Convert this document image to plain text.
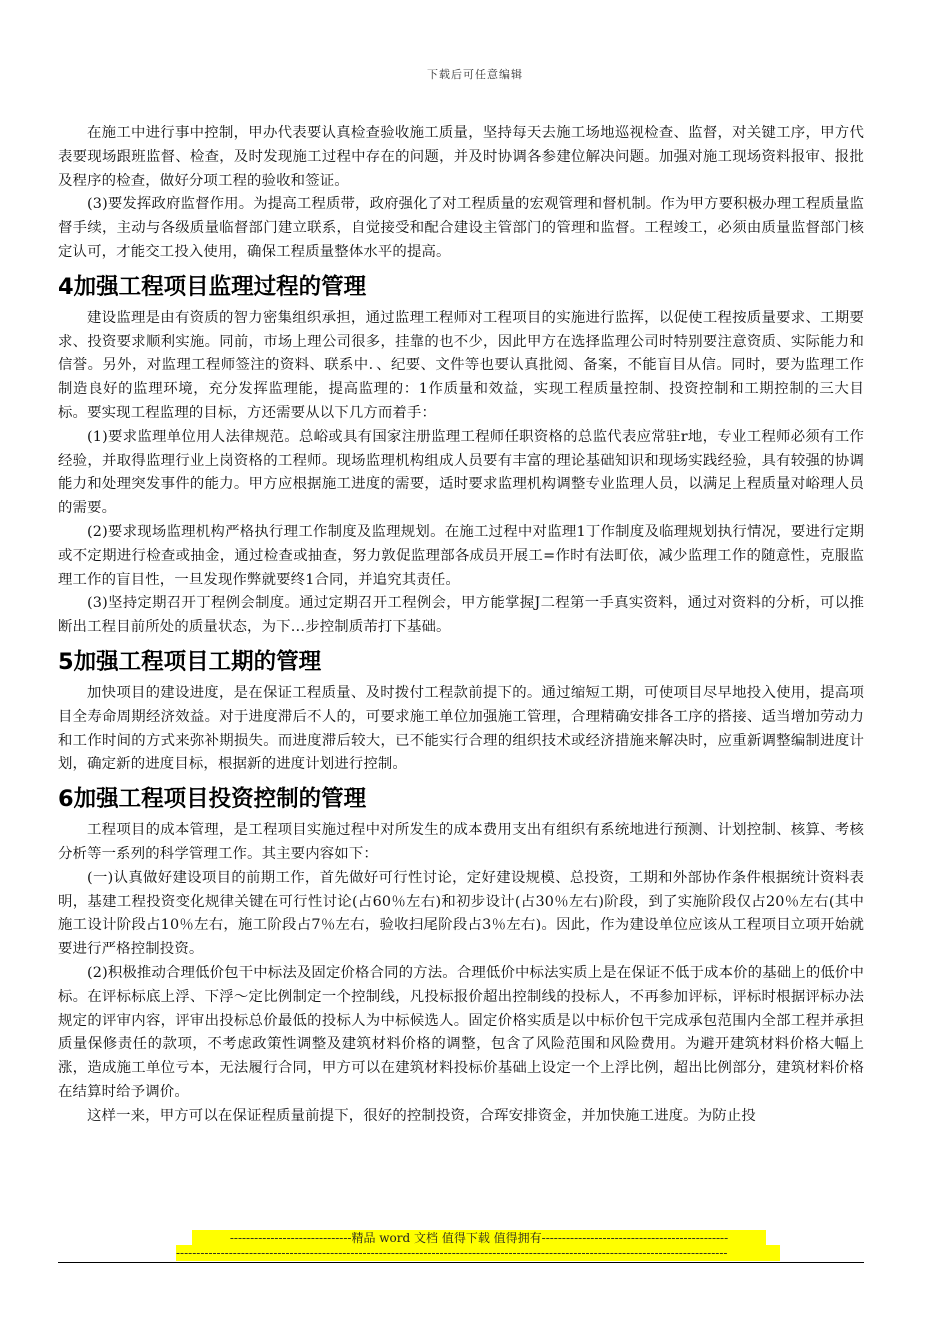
下载后可任意编辑

在施工中进行事中控制，甲办代表要认真检查验收施工质量，坚持每天去施工场地巡视检查、监督，对关键工序，甲方代表要现场跟班监督、检查，及时发现施工过程中存在的问题，并及时协调各参建位解决问题。加强对施工现场资料报审、报批及程序的检查，做好分项工程的验收和签证。

(3)要发挥政府监督作用。为提高工程质带，政府强化了对工程质量的宏观管理和督机制。作为甲方要积极办理工程质量监督手续，主动与各级质量临督部门建立联系，自觉接受和配合建设主管部门的管理和监督。工程竣工，必须由质量监督部门核定认可，才能交工投入使用，确保工程质量整体水平的提高。

4加强工程项目监理过程的管理

建设监理是由有资质的智力密集组织承担，通过监理工程师对工程项目的实施进行监挥，以促使工程按质量要求、工期要求、投资要求顺利实施。同前，市场上理公司很多，挂靠的也不少，因此甲方在选择监理公司时特别要注意资质、实际能力和信誉。另外，对监理工程师签注的资料、联系中．、纪要、文件等也要认真批阅、备案，不能盲目从信。同时，要为监理工作制造良好的监理环境，充分发挥监理能，提高监理的：1作质量和效益，实现工程质量控制、投资控制和工期控制的三大目标。要实现工程监理的目标，方还需要从以下几方而着手：

(1)要求监理单位用人法律规范。总峪或具有国家注册监理工程师任职资格的总监代表应常驻r地，专业工程师必须有工作经验，并取得监理行业上岗资格的工程师。现场监理机构组成人员要有丰富的理论基础知识和现场实践经验，具有较强的协调能力和处理突发事件的能力。甲方应根据施工进度的需要，适时要求监理机构调整专业监理人员，以满足上程质量对峪理人员的需要。

(2)要求现场监理机构严格执行理工作制度及监理规划。在施工过程中对监理1丁作制度及临理规划执行情况，要进行定期或不定期进行检查或抽金，通过检查或抽查，努力敦促监理部各成员开展工=作时有法町依，减少监理工作的随意性，克服监理工作的盲目性，一旦发现作弊就要终1合同，并追究其责任。

(3)坚持定期召开丁程例会制度。通过定期召开工程例会，甲方能掌握J二程第一手真实资料，通过对资料的分析，可以推断出工程目前所处的质量状态，为下…步控制质芾打下基础。

5加强工程项目工期的管理

加快项目的建设进度，是在保证工程质量、及时拨付工程款前提下的。通过缩短工期，可使项目尽早地投入使用，提高项目全寿命周期经济效益。对于进度滞后不人的，可要求施工单位加强施工管理，合理精确安排各工序的搭接、适当增加劳动力和工作时间的方式来弥补期损失。而进度滞后较大，已不能实行合理的组织技术或经济措施来解决时，应重新调整编制进度计划，确定新的进度目标，根据新的进度计划进行控制。

6加强工程项目投资控制的管理

工程项目的成本管理，是工程项目实施过程中对所发生的成本费用支出有组织有系统地进行预测、计划控制、核算、考核分析等一系列的科学管理工作。其主要内容如下：

(一)认真做好建设项目的前期工作，首先做好可行性讨论，定好建设规模、总投资，工期和外部协作条件根据统计资料表明，基建工程投资变化规律关键在可行性讨论(占60％左右)和初步设计(占30％左右)阶段，到了实施阶段仅占20％左右(其中施工设计阶段占10％左右，施工阶段占7％左右，验收扫尾阶段占3％左右)。因此，作为建设单位应该从工程项目立项开始就要进行严格控制投资。

(2)积极推动合理低价包干中标法及固定价格合同的方法。合理低价中标法实质上是在保证不低于成本价的基础上的低价中标。在评标标底上浮、下浮～定比例制定一个控制线，凡投标报价超出控制线的投标人，不再参加评标，评标时根据评标办法规定的评审内容，评审出投标总价最低的投标人为中标候选人。固定价格实质是以中标价包干完成承包范围内全部工程并承担质量保修责任的款项，不考虑政策性调整及建筑材料价格的调整，包含了风险范围和风险费用。为避开建筑材料价格大幅上涨，造成施工单位亏本，无法履行合同，甲方可以在建筑材料投标价基础上设定一个上浮比例，超出比例部分，建筑材料价格在结算时给予调价。

这样一来，甲方可以在保证程质量前提下，很好的控制投资，合珲安排资金，并加快施工进度。为防止投

------------------------------精品 word 文档 值得下载 值得拥有----------------------------------------------
----------------------------------------------------------------------------------------------------------------------------------------
